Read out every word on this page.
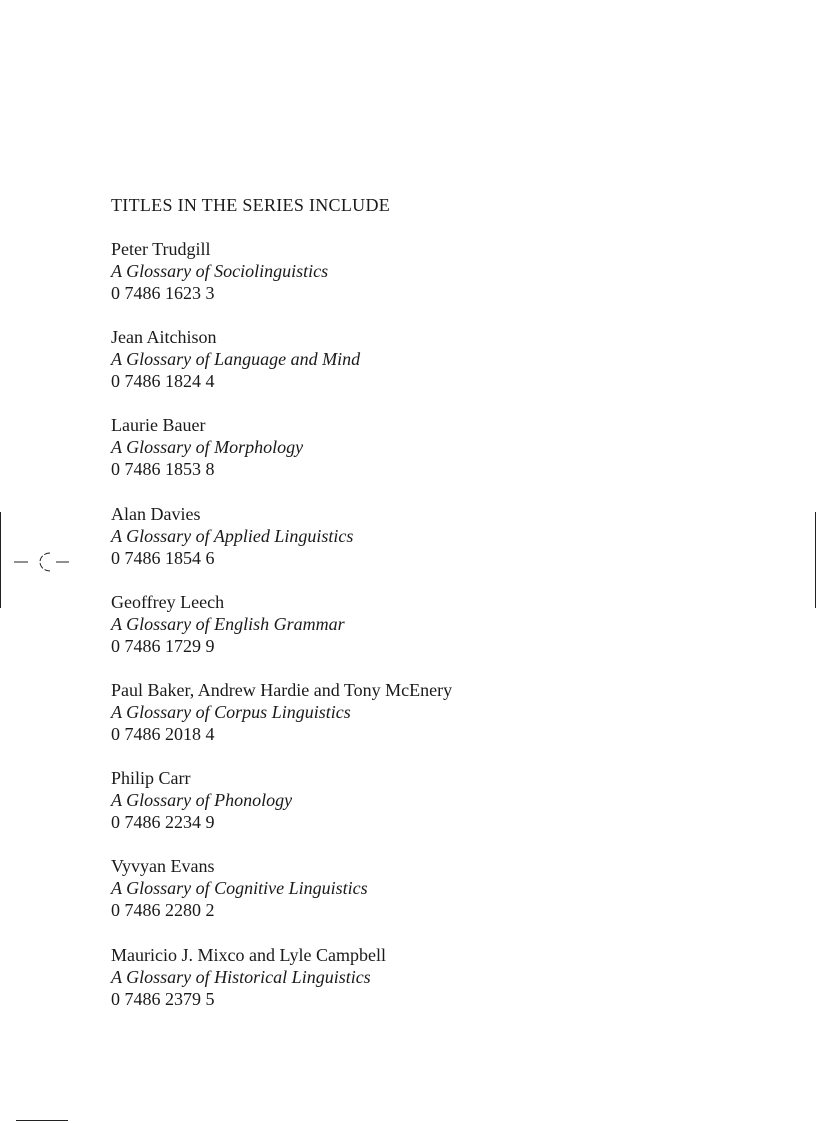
TITLES IN THE SERIES INCLUDE
Peter Trudgill
A Glossary of Sociolinguistics
0 7486 1623 3
Jean Aitchison
A Glossary of Language and Mind
0 7486 1824 4
Laurie Bauer
A Glossary of Morphology
0 7486 1853 8
Alan Davies
A Glossary of Applied Linguistics
0 7486 1854 6
Geoffrey Leech
A Glossary of English Grammar
0 7486 1729 9
Paul Baker, Andrew Hardie and Tony McEnery
A Glossary of Corpus Linguistics
0 7486 2018 4
Philip Carr
A Glossary of Phonology
0 7486 2234 9
Vyvyan Evans
A Glossary of Cognitive Linguistics
0 7486 2280 2
Mauricio J. Mixco and Lyle Campbell
A Glossary of Historical Linguistics
0 7486 2379 5
